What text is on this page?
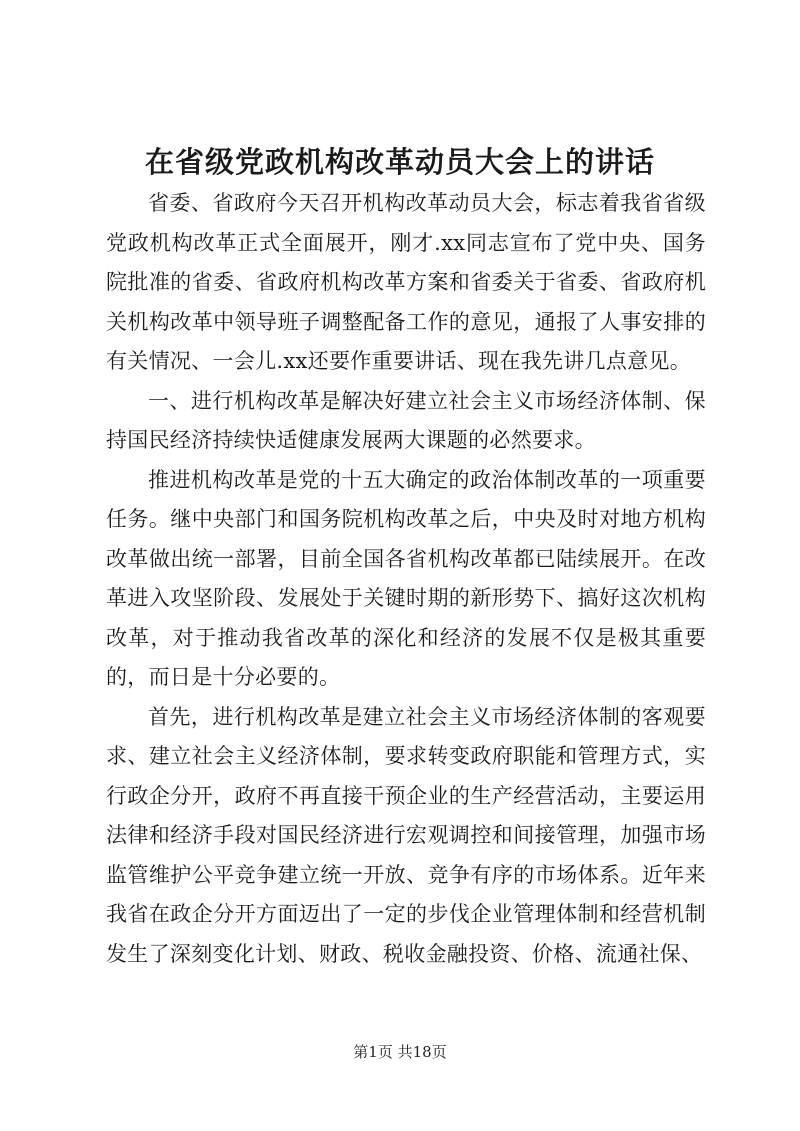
在省级党政机构改革动员大会上的讲话

省委、省政府今天召开机构改革动员大会，标志着我省省级党政机构改革正式全面展开，刚才.xx同志宣布了党中央、国务院批准的省委、省政府机构改革方案和省委关于省委、省政府机关机构改革中领导班子调整配备工作的意见，通报了人事安排的有关情况、一会儿.xx还要作重要讲话、现在我先讲几点意见。

一、进行机构改革是解决好建立社会主义市场经济体制、保持国民经济持续快适健康发展两大课题的必然要求。

推进机构改革是党的十五大确定的政治体制改革的一项重要任务。继中央部门和国务院机构改革之后，中央及时对地方机构改革做出统一部署，目前全国各省机构改革都已陆续展开。在改革进入攻坚阶段、发展处于关键时期的新形势下、搞好这次机构改革，对于推动我省改革的深化和经济的发展不仅是极其重要的，而日是十分必要的。

首先，进行机构改革是建立社会主义市场经济体制的客观要求、建立社会主义经济体制，要求转变政府职能和管理方式，实行政企分开，政府不再直接干预企业的生产经营活动，主要运用法律和经济手段对国民经济进行宏观调控和间接管理，加强市场监管维护公平竞争建立统一开放、竞争有序的市场体系。近年来我省在政企分开方面迈出了一定的步伐企业管理体制和经营机制发生了深刻变化计划、财政、税收金融投资、价格、流通社保、

第1页 共18页
